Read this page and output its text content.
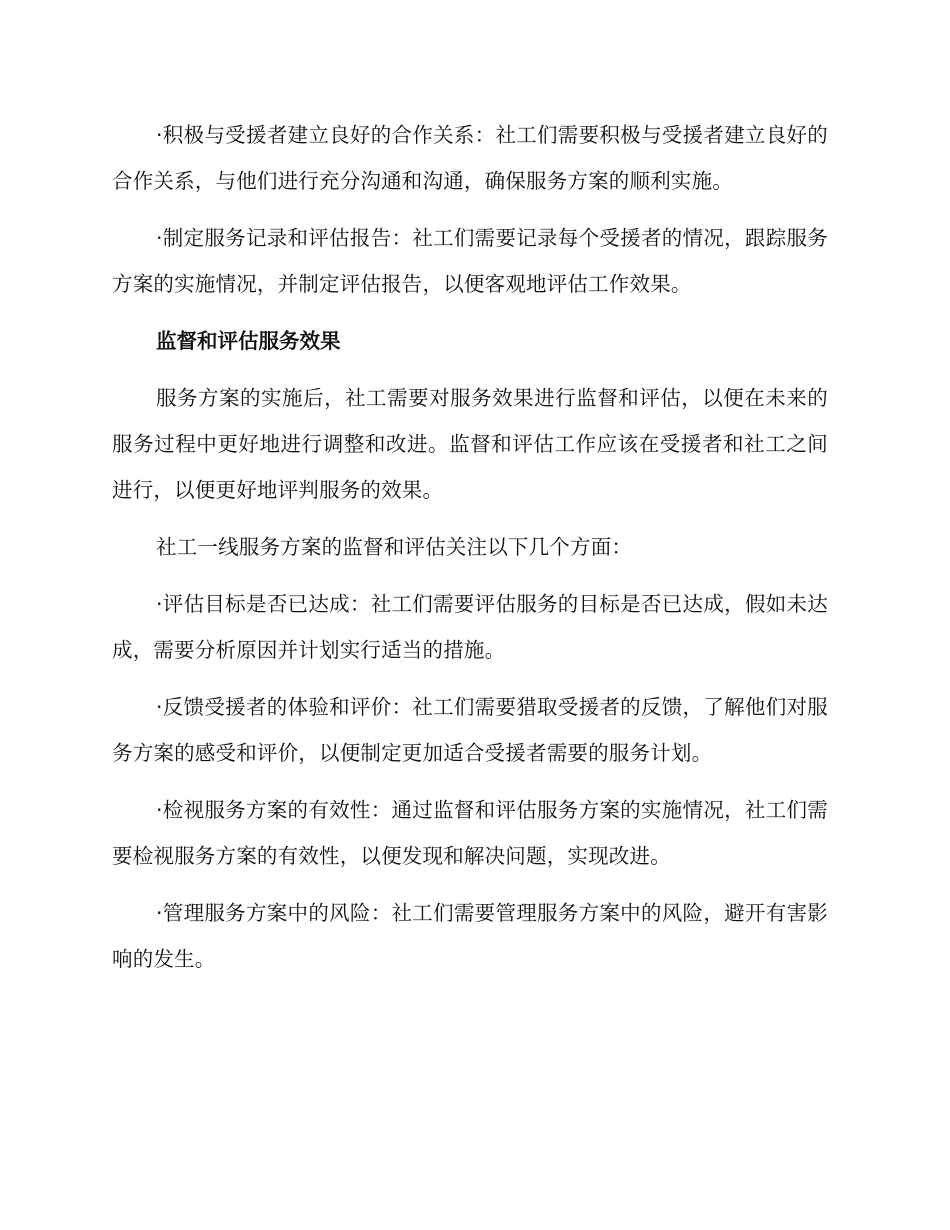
·积极与受援者建立良好的合作关系：社工们需要积极与受援者建立良好的合作关系，与他们进行充分沟通和沟通，确保服务方案的顺利实施。

·制定服务记录和评估报告：社工们需要记录每个受援者的情况，跟踪服务方案的实施情况，并制定评估报告，以便客观地评估工作效果。

监督和评估服务效果

服务方案的实施后，社工需要对服务效果进行监督和评估，以便在未来的服务过程中更好地进行调整和改进。监督和评估工作应该在受援者和社工之间进行，以便更好地评判服务的效果。

社工一线服务方案的监督和评估关注以下几个方面：

·评估目标是否已达成：社工们需要评估服务的目标是否已达成，假如未达成，需要分析原因并计划实行适当的措施。

·反馈受援者的体验和评价：社工们需要猎取受援者的反馈，了解他们对服务方案的感受和评价，以便制定更加适合受援者需要的服务计划。

·检视服务方案的有效性：通过监督和评估服务方案的实施情况，社工们需要检视服务方案的有效性，以便发现和解决问题，实现改进。

·管理服务方案中的风险：社工们需要管理服务方案中的风险，避开有害影响的发生。
